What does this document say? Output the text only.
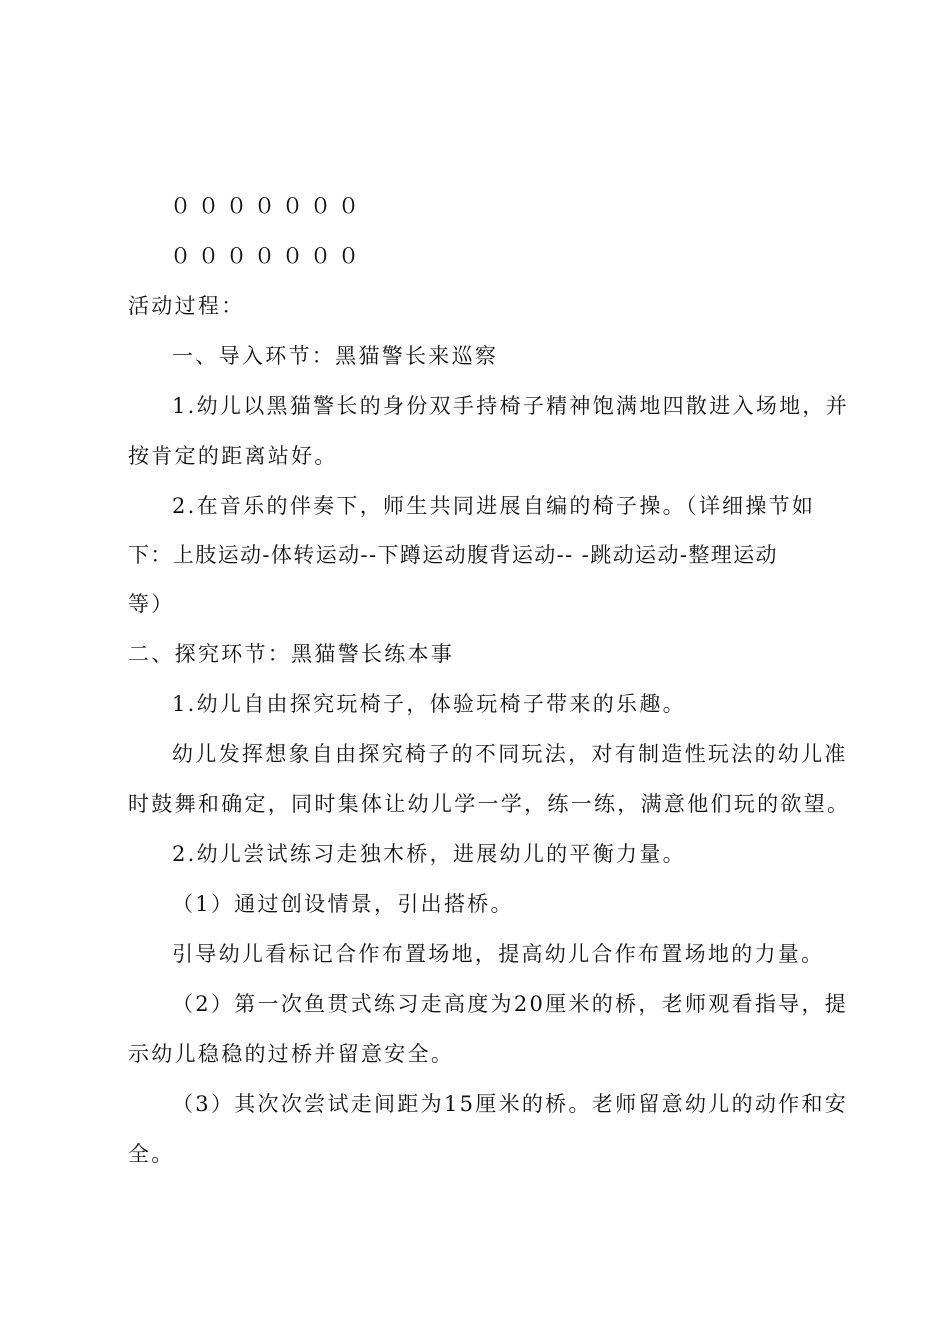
０００００００
０００００００
活动过程：
一、导入环节：黑猫警长来巡察
1.幼儿以黑猫警长的身份双手持椅子精神饱满地四散进入场地，并
按肯定的距离站好。
2.在音乐的伴奏下，师生共同进展自编的椅子操。（详细操节如
下：上肢运动-体转运动--下蹲运动腹背运动-- -跳动运动-整理运动
等）
二、探究环节：黑猫警长练本事
1.幼儿自由探究玩椅子，体验玩椅子带来的乐趣。
幼儿发挥想象自由探究椅子的不同玩法，对有制造性玩法的幼儿准
时鼓舞和确定，同时集体让幼儿学一学，练一练，满意他们玩的欲望。
2.幼儿尝试练习走独木桥，进展幼儿的平衡力量。
（1）通过创设情景，引出搭桥。
引导幼儿看标记合作布置场地，提高幼儿合作布置场地的力量。
（2）第一次鱼贯式练习走高度为20厘米的桥，老师观看指导，提
示幼儿稳稳的过桥并留意安全。
（3）其次次尝试走间距为15厘米的桥。老师留意幼儿的动作和安
全。
